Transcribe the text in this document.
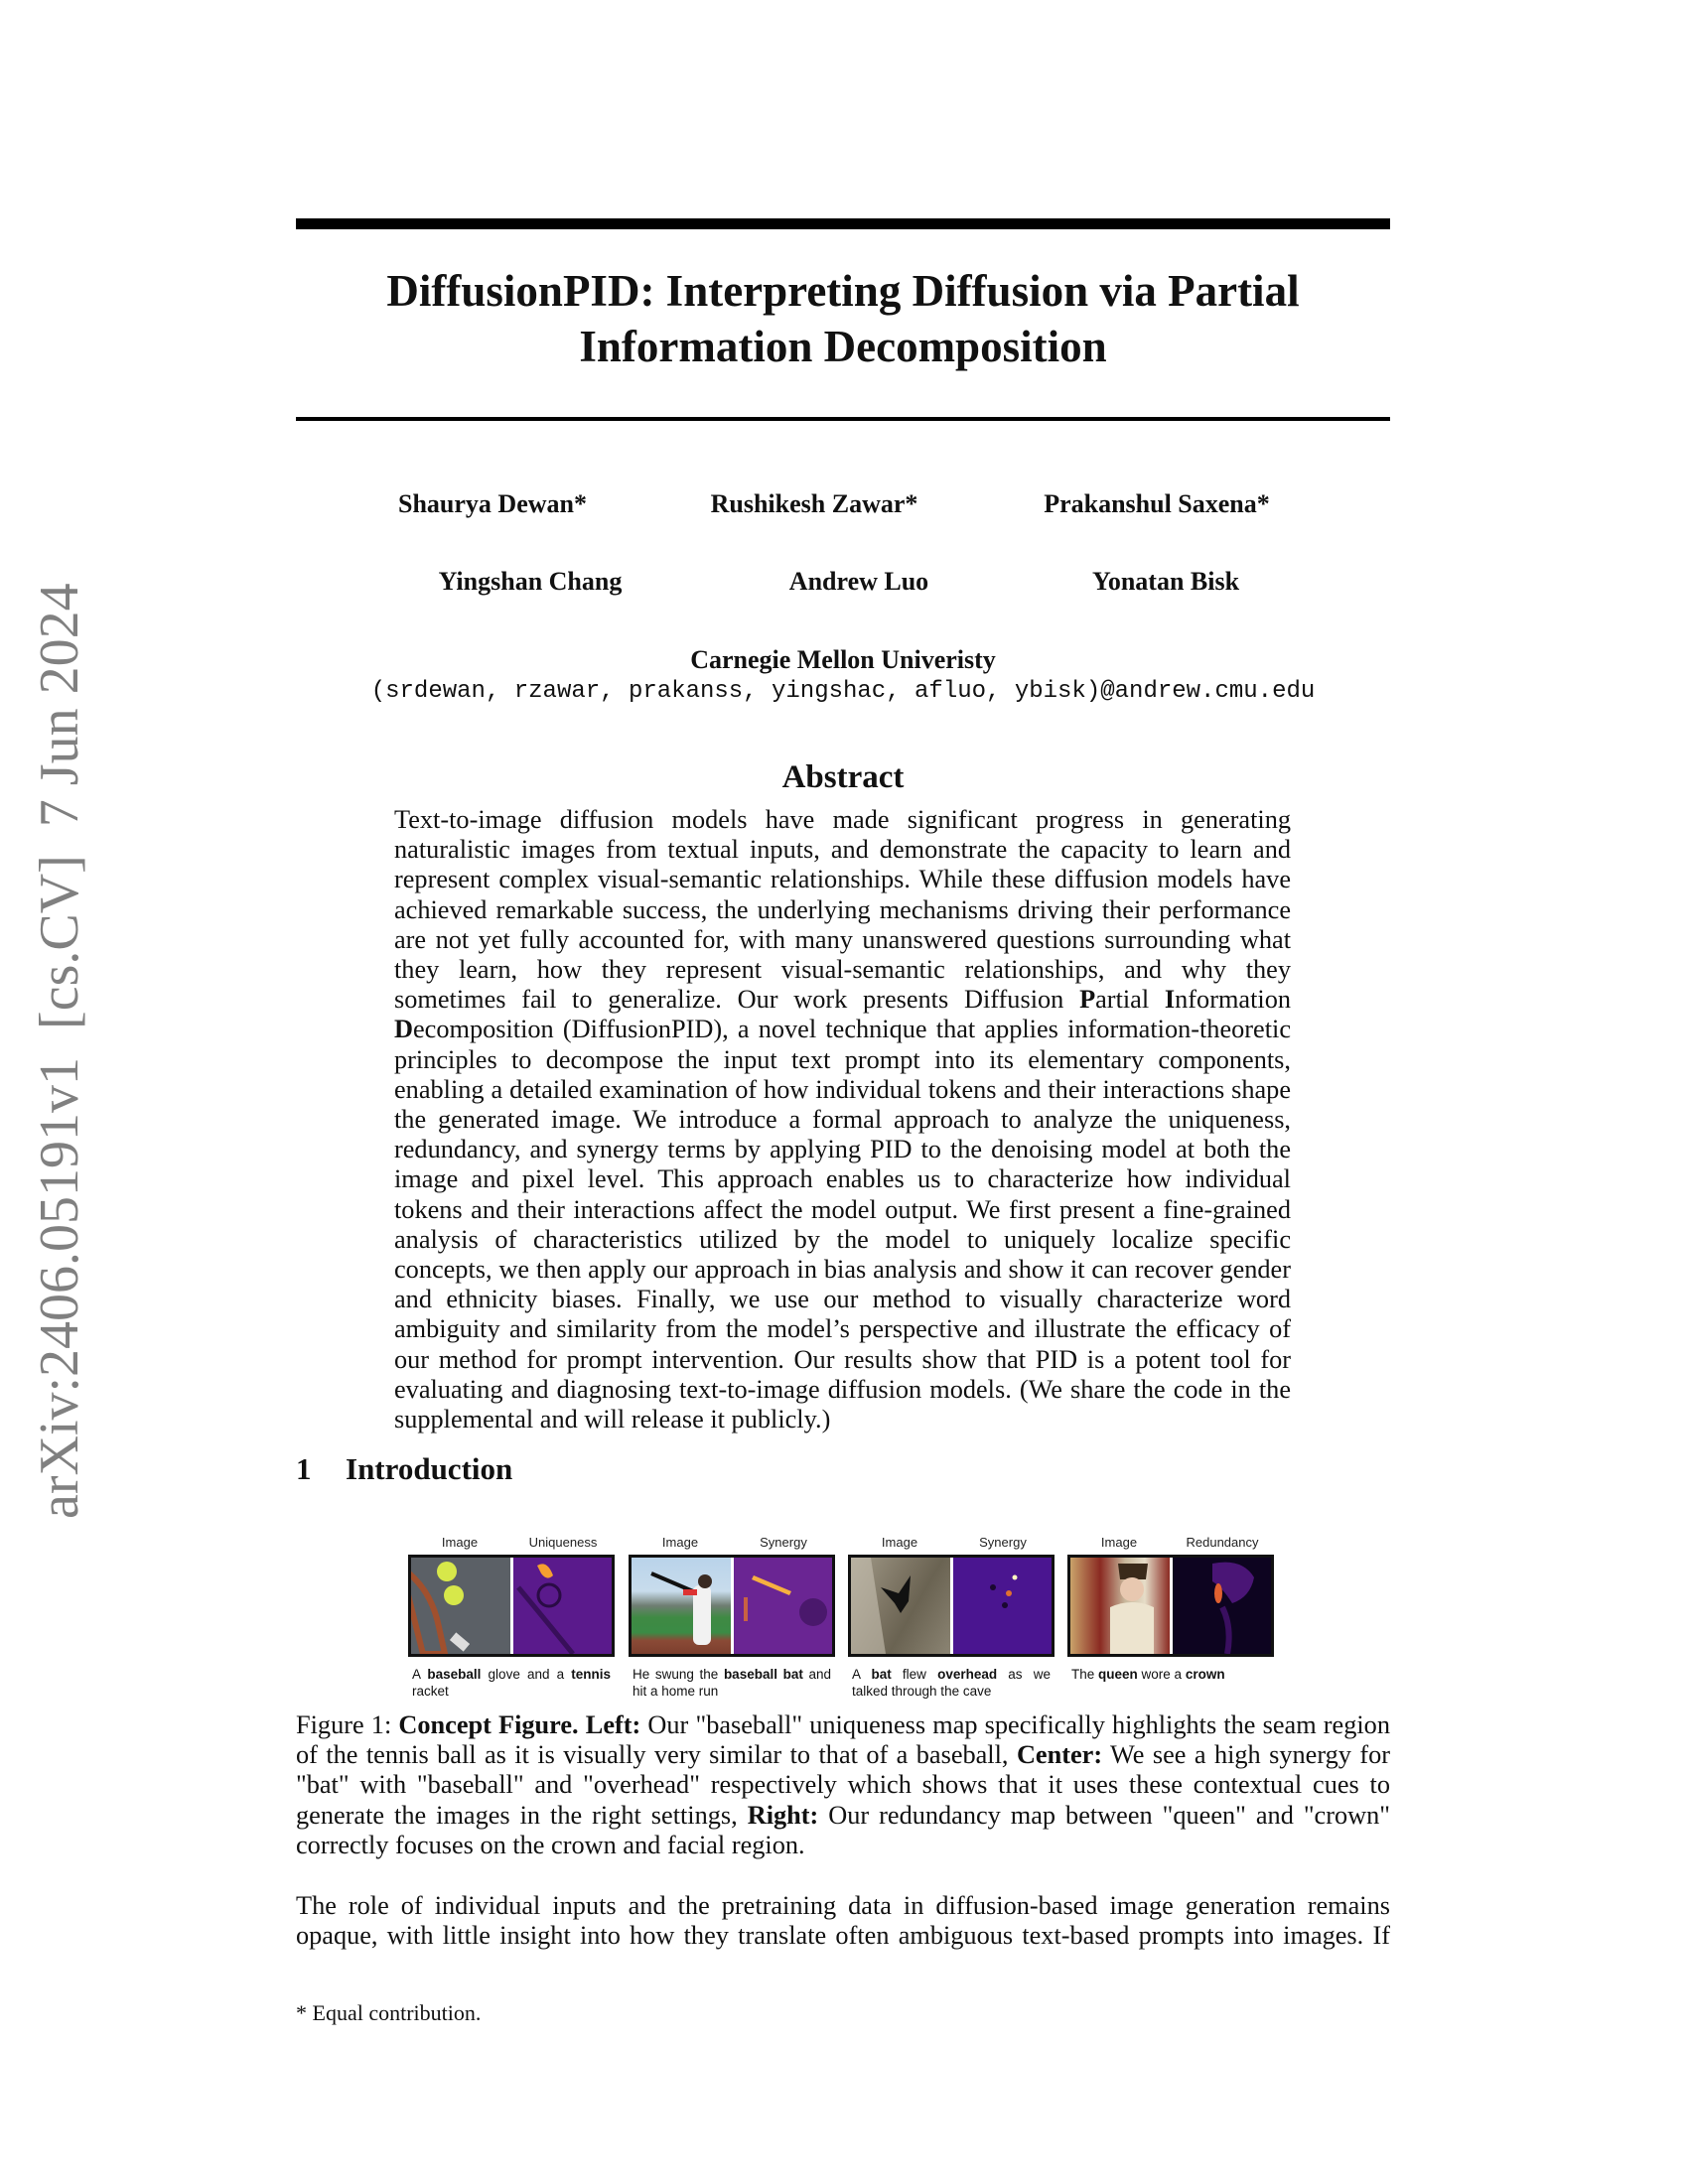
arXiv:2406.05191v1  [cs.CV]  7 Jun 2024
DiffusionPID: Interpreting Diffusion via Partial
Information Decomposition
Shaurya Dewan*	Rushikesh Zawar*	Prakanshul Saxena*
Yingshan Chang	Andrew Luo	Yonatan Bisk
Carnegie Mellon Univeristy
(srdewan, rzawar, prakanss, yingshac, afluo, ybisk)@andrew.cmu.edu
Abstract
Text-to-image diffusion models have made significant progress in generating naturalistic images from textual inputs, and demonstrate the capacity to learn and represent complex visual-semantic relationships. While these diffusion models have achieved remarkable success, the underlying mechanisms driving their performance are not yet fully accounted for, with many unanswered questions surrounding what they learn, how they represent visual-semantic relationships, and why they sometimes fail to generalize. Our work presents Diffusion Partial Information Decomposition (DiffusionPID), a novel technique that applies information-theoretic principles to decompose the input text prompt into its elementary components, enabling a detailed examination of how individual tokens and their interactions shape the generated image. We introduce a formal approach to analyze the uniqueness, redundancy, and synergy terms by applying PID to the denoising model at both the image and pixel level. This approach enables us to characterize how individual tokens and their interactions affect the model output. We first present a fine-grained analysis of characteristics utilized by the model to uniquely localize specific concepts, we then apply our approach in bias analysis and show it can recover gender and ethnicity biases. Finally, we use our method to visually characterize word ambiguity and similarity from the model’s perspective and illustrate the efficacy of our method for prompt intervention. Our results show that PID is a potent tool for evaluating and diagnosing text-to-image diffusion models. (We share the code in the supplemental and will release it publicly.)
1 Introduction
Image	Uniqueness
A baseball glove and a tennis racket
Image	Synergy
He swung the baseball bat and hit a home run
Image	Synergy
A bat flew overhead as we talked through the cave
Image	Redundancy
The queen wore a crown
Figure 1: Concept Figure. Left: Our "baseball" uniqueness map specifically highlights the seam region of the tennis ball as it is visually very similar to that of a baseball, Center: We see a high synergy for "bat" with "baseball" and "overhead" respectively which shows that it uses these contextual cues to generate the images in the right settings, Right: Our redundancy map between "queen" and "crown" correctly focuses on the crown and facial region.
The role of individual inputs and the pretraining data in diffusion-based image generation remains
opaque, with little insight into how they translate often ambiguous text-based prompts into images. If
* Equal contribution.
